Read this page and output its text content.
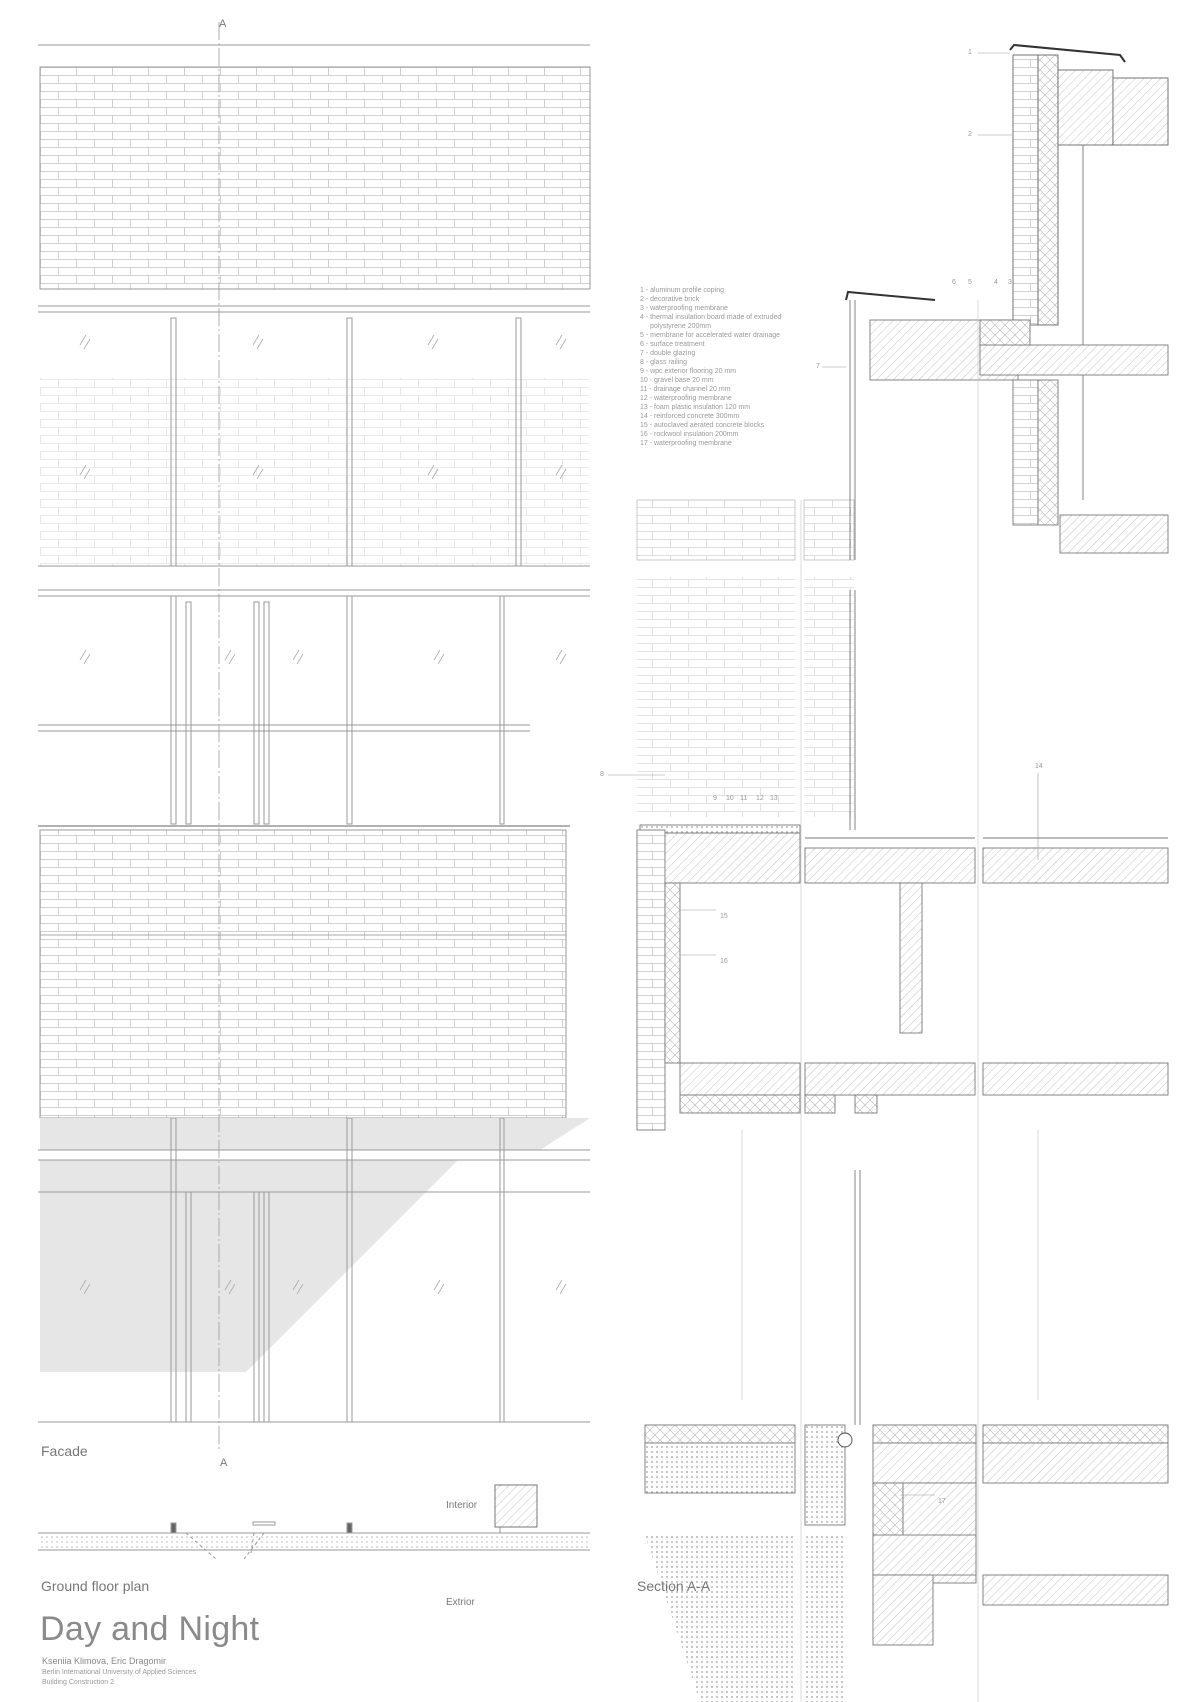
A
A
1
2
3
4
5
6
7
8
9 10 11 12 13
14
15
16
17
1 - aluminum profile coping
2 - decorative brick
3 - waterproofing membrane
4 - thermal insulation board made of extruded
polystyrene 200mm
5 - membrane for accelerated water drainage
6 - surface treatment
7 - double glazing
8 - glass railing
9 - wpc exterior flooring 20 mm
10 - gravel base 20 mm
11 - drainage channel 20 mm
12 - waterproofing membrane
13 - foam plastic insulation 120 mm
14 - reinforced concrete 300mm
15 - autoclaved aerated concrete blocks
16 - rockwool insulation 200mm
17 - waterproofing membrane
Facade
Ground floor plan	Section A-A
Interior
Extrior
Day and Night
Kseniia Klimova, Eric Dragomir
Berlin International University of Applied Sciences
Building Construction 2
